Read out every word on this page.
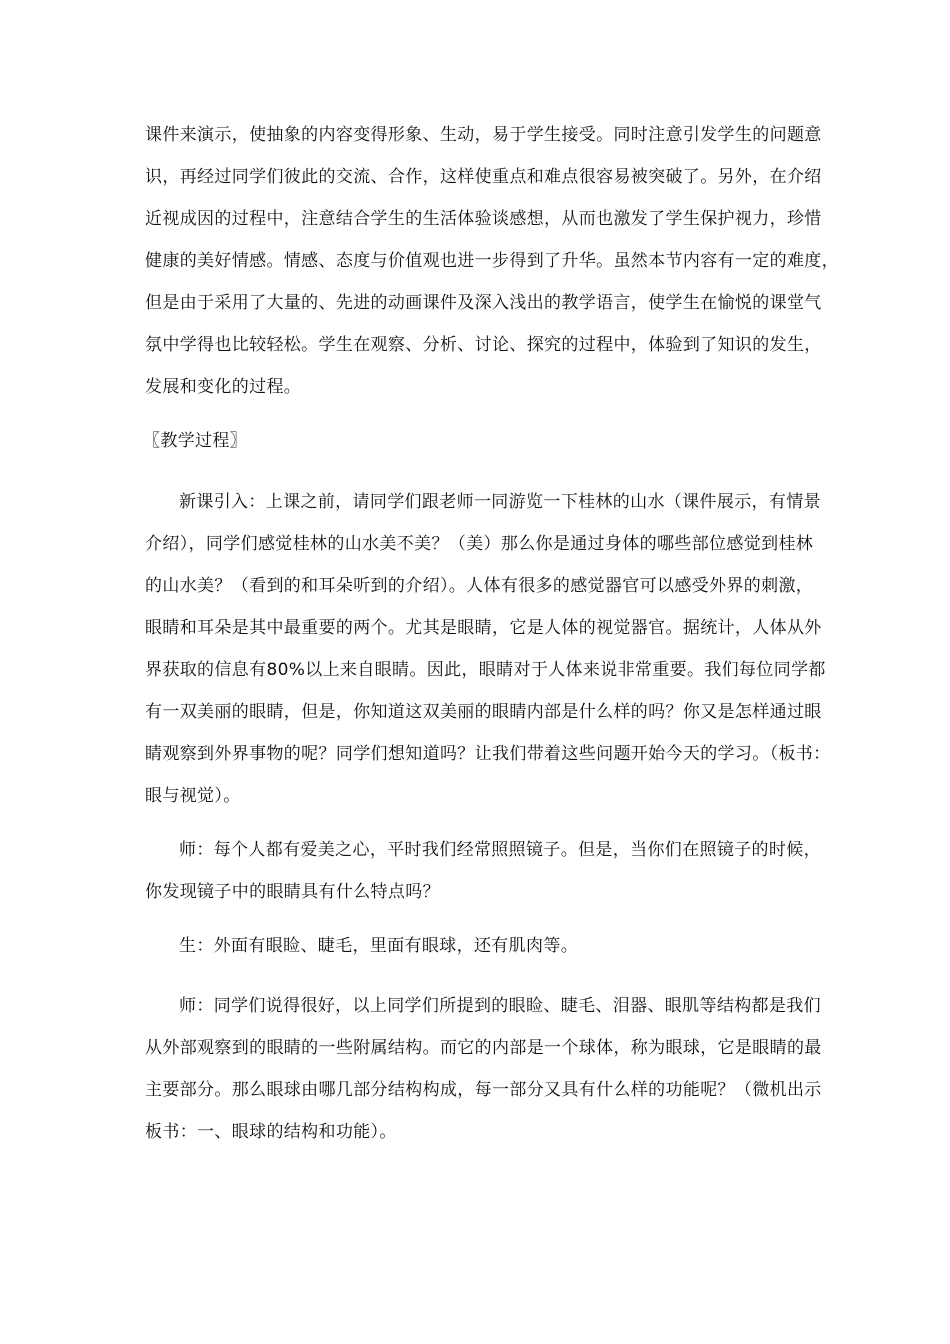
课件来演示，使抽象的内容变得形象、生动，易于学生接受。同时注意引发学生的问题意
识，再经过同学们彼此的交流、合作，这样使重点和难点很容易被突破了。另外，在介绍
近视成因的过程中，注意结合学生的生活体验谈感想，从而也激发了学生保护视力，珍惜
健康的美好情感。情感、态度与价值观也进一步得到了升华。虽然本节内容有一定的难度，
但是由于采用了大量的、先进的动画课件及深入浅出的教学语言，使学生在愉悦的课堂气
氛中学得也比较轻松。学生在观察、分析、讨论、探究的过程中，体验到了知识的发生，
发展和变化的过程。
〖教学过程〗
新课引入：上课之前，请同学们跟老师一同游览一下桂林的山水（课件展示，有情景
介绍），同学们感觉桂林的山水美不美？（美）那么你是通过身体的哪些部位感觉到桂林
的山水美？（看到的和耳朵听到的介绍）。人体有很多的感觉器官可以感受外界的刺激，
眼睛和耳朵是其中最重要的两个。尤其是眼睛，它是人体的视觉器官。据统计，人体从外
界获取的信息有80%以上来自眼睛。因此，眼睛对于人体来说非常重要。我们每位同学都
有一双美丽的眼睛，但是，你知道这双美丽的眼睛内部是什么样的吗？你又是怎样通过眼
睛观察到外界事物的呢？同学们想知道吗？让我们带着这些问题开始今天的学习。（板书：
眼与视觉）。
师：每个人都有爱美之心，平时我们经常照照镜子。但是，当你们在照镜子的时候，
你发现镜子中的眼睛具有什么特点吗？
生：外面有眼睑、睫毛，里面有眼球，还有肌肉等。
师：同学们说得很好，以上同学们所提到的眼睑、睫毛、泪器、眼肌等结构都是我们
从外部观察到的眼睛的一些附属结构。而它的内部是一个球体，称为眼球，它是眼睛的最
主要部分。那么眼球由哪几部分结构构成，每一部分又具有什么样的功能呢？（微机出示
板书：一、眼球的结构和功能）。
